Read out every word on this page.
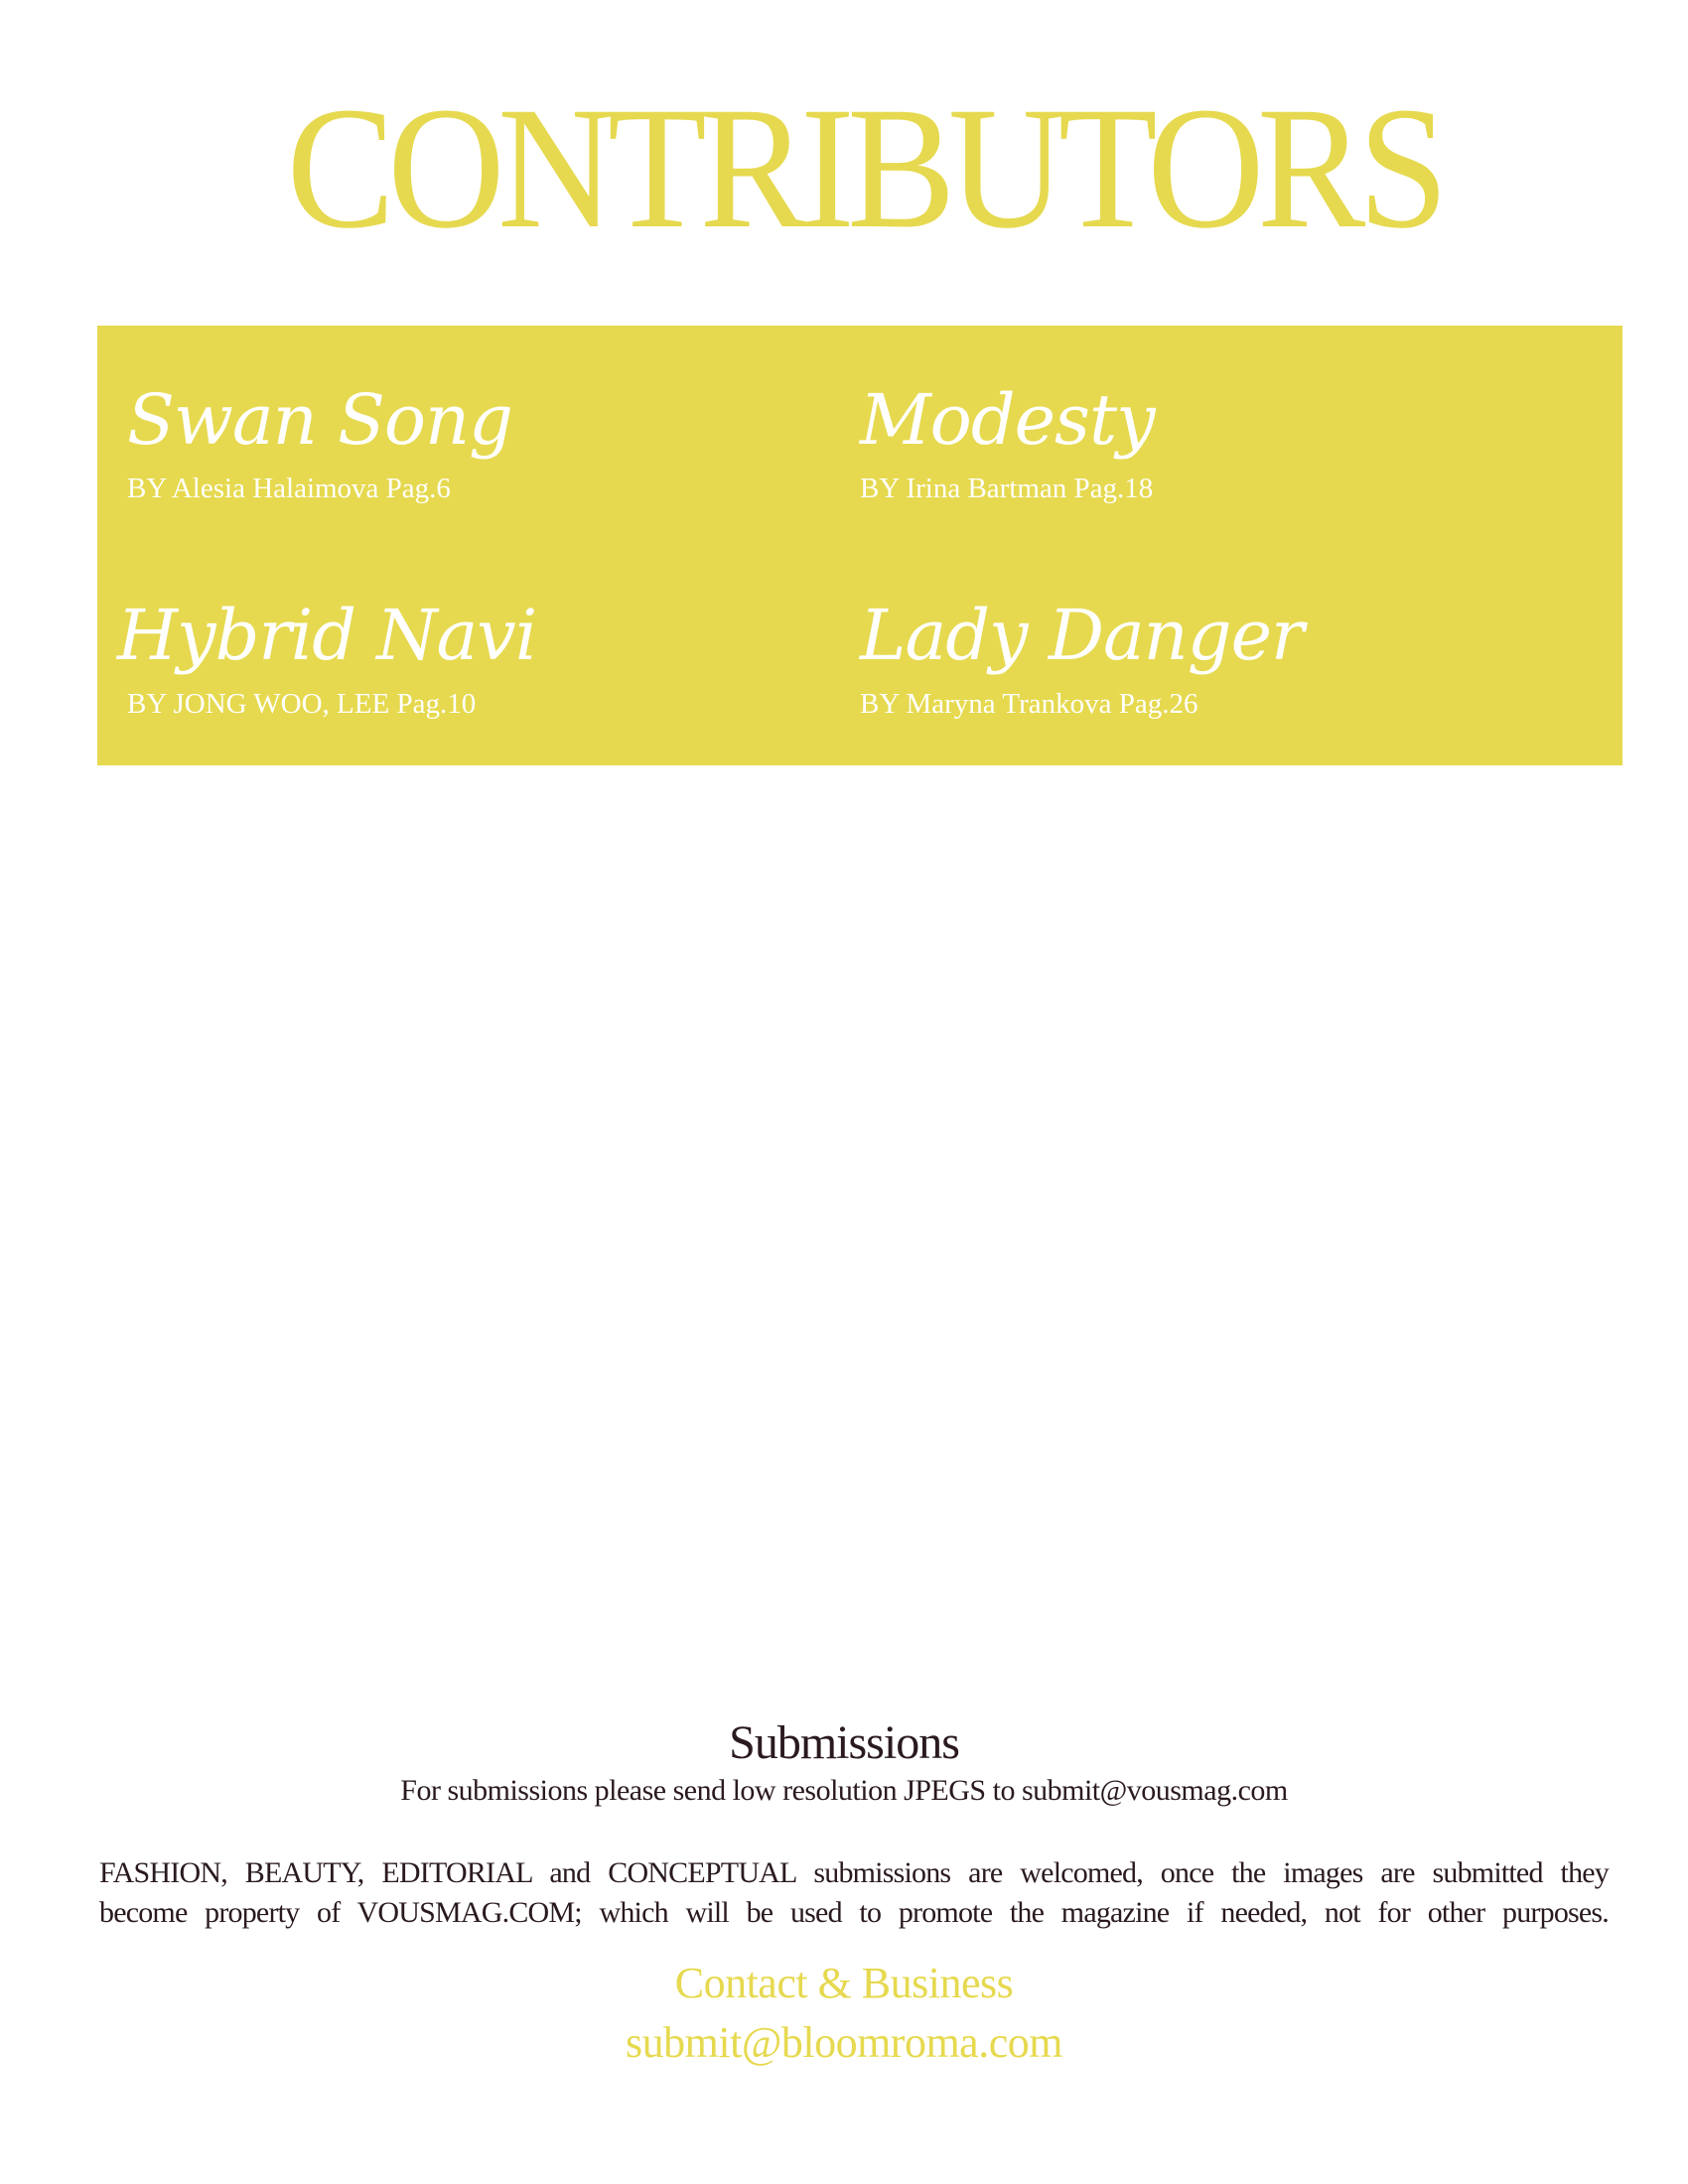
CONTRIBUTORS
Swan Song
BY Alesia Halaimova Pag.6
Modesty
BY Irina Bartman Pag.18
Hybrid Navi
BY JONG WOO, LEE Pag.10
Lady Danger
BY Maryna Trankova Pag.26
Submissions
For submissions please send low resolution JPEGS to submit@vousmag.com
FASHION, BEAUTY, EDITORIAL and CONCEPTUAL submissions are welcomed, once the images are submitted they
become property of VOUSMAG.COM; which will be used to promote the magazine if needed, not for other purposes.
Contact & Business
submit@bloomroma.com
